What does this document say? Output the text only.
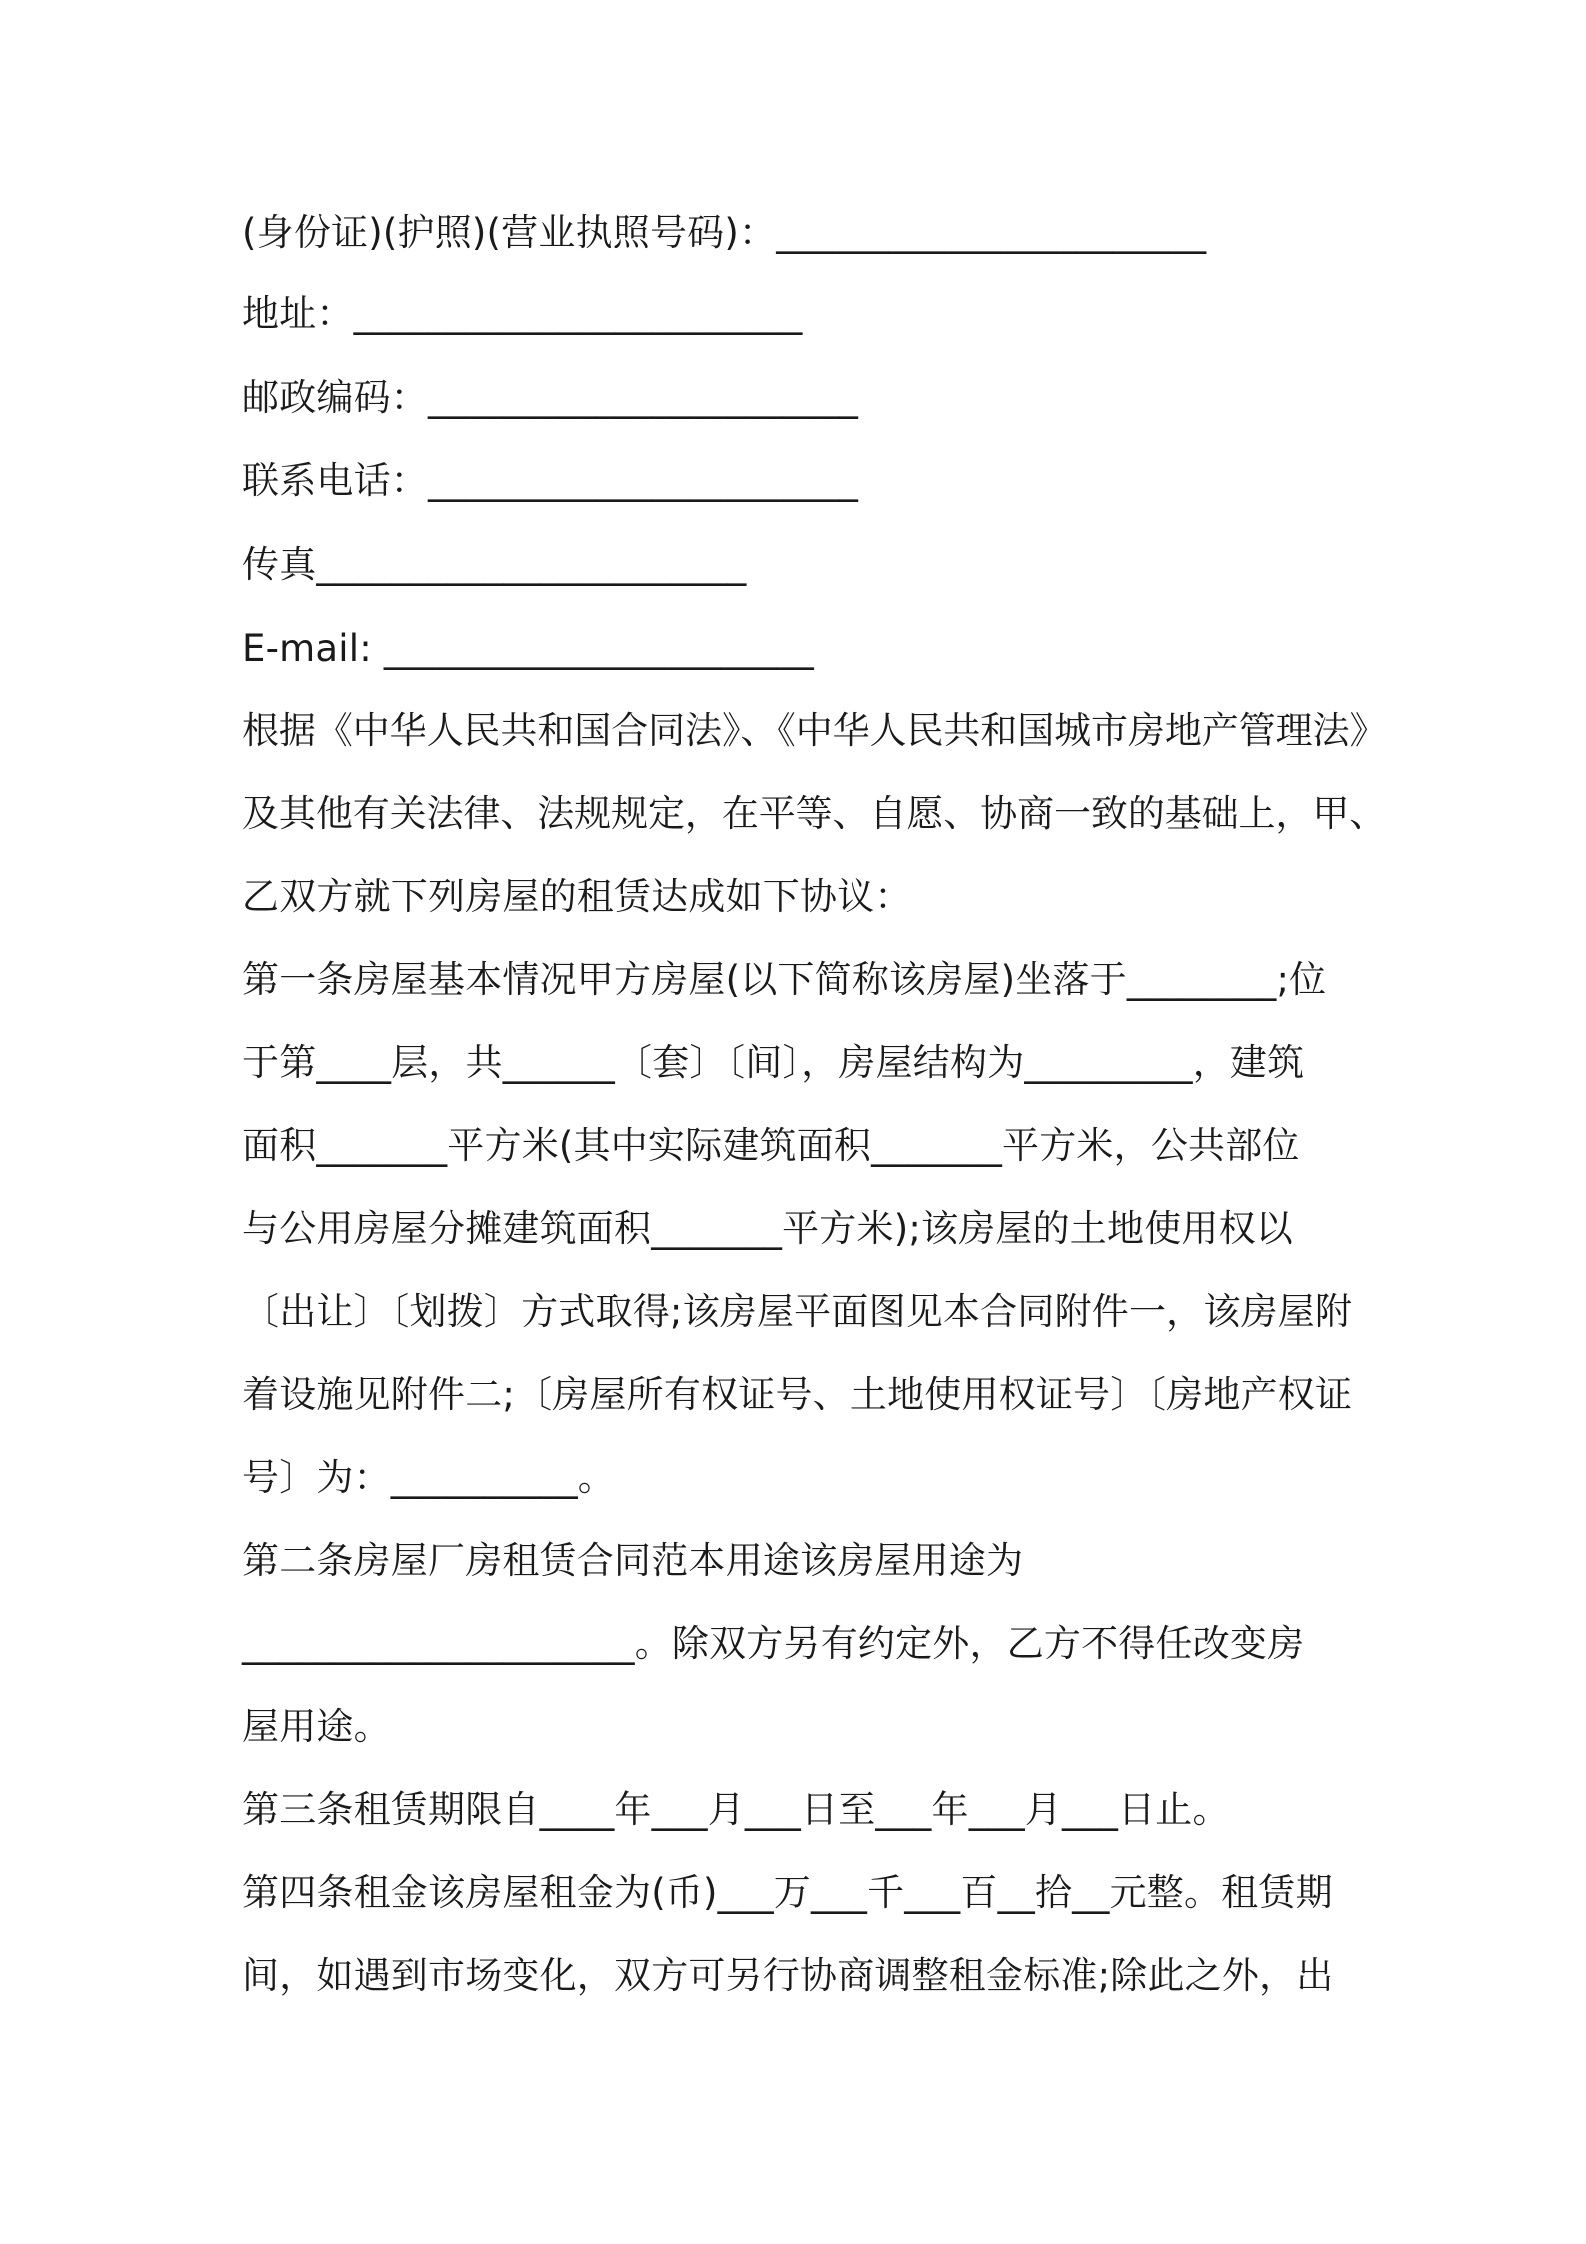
(身份证)(护照)(营业执照号码)：_______________________
地址：________________________
邮政编码：_______________________
联系电话：_______________________
传真_______________________
E-mail: _______________________
根据《中华人民共和国合同法》、《中华人民共和国城市房地产管理法》
及其他有关法律、法规规定，在平等、自愿、协商一致的基础上，甲、
乙双方就下列房屋的租赁达成如下协议：
第一条房屋基本情况甲方房屋(以下简称该房屋)坐落于________;位
于第____层，共______〔套〕〔间〕，房屋结构为_________，建筑
面积_______平方米(其中实际建筑面积_______平方米，公共部位
与公用房屋分摊建筑面积_______平方米);该房屋的土地使用权以
〔出让〕〔划拨〕方式取得;该房屋平面图见本合同附件一，该房屋附
着设施见附件二;〔房屋所有权证号、土地使用权证号〕〔房地产权证
号〕为：__________。
第二条房屋厂房租赁合同范本用途该房屋用途为
_____________________。除双方另有约定外，乙方不得任改变房
屋用途。
第三条租赁期限自____年___月___日至___年___月___日止。
第四条租金该房屋租金为(币)___万___千___百__拾__元整。租赁期
间，如遇到市场变化，双方可另行协商调整租金标准;除此之外，出
